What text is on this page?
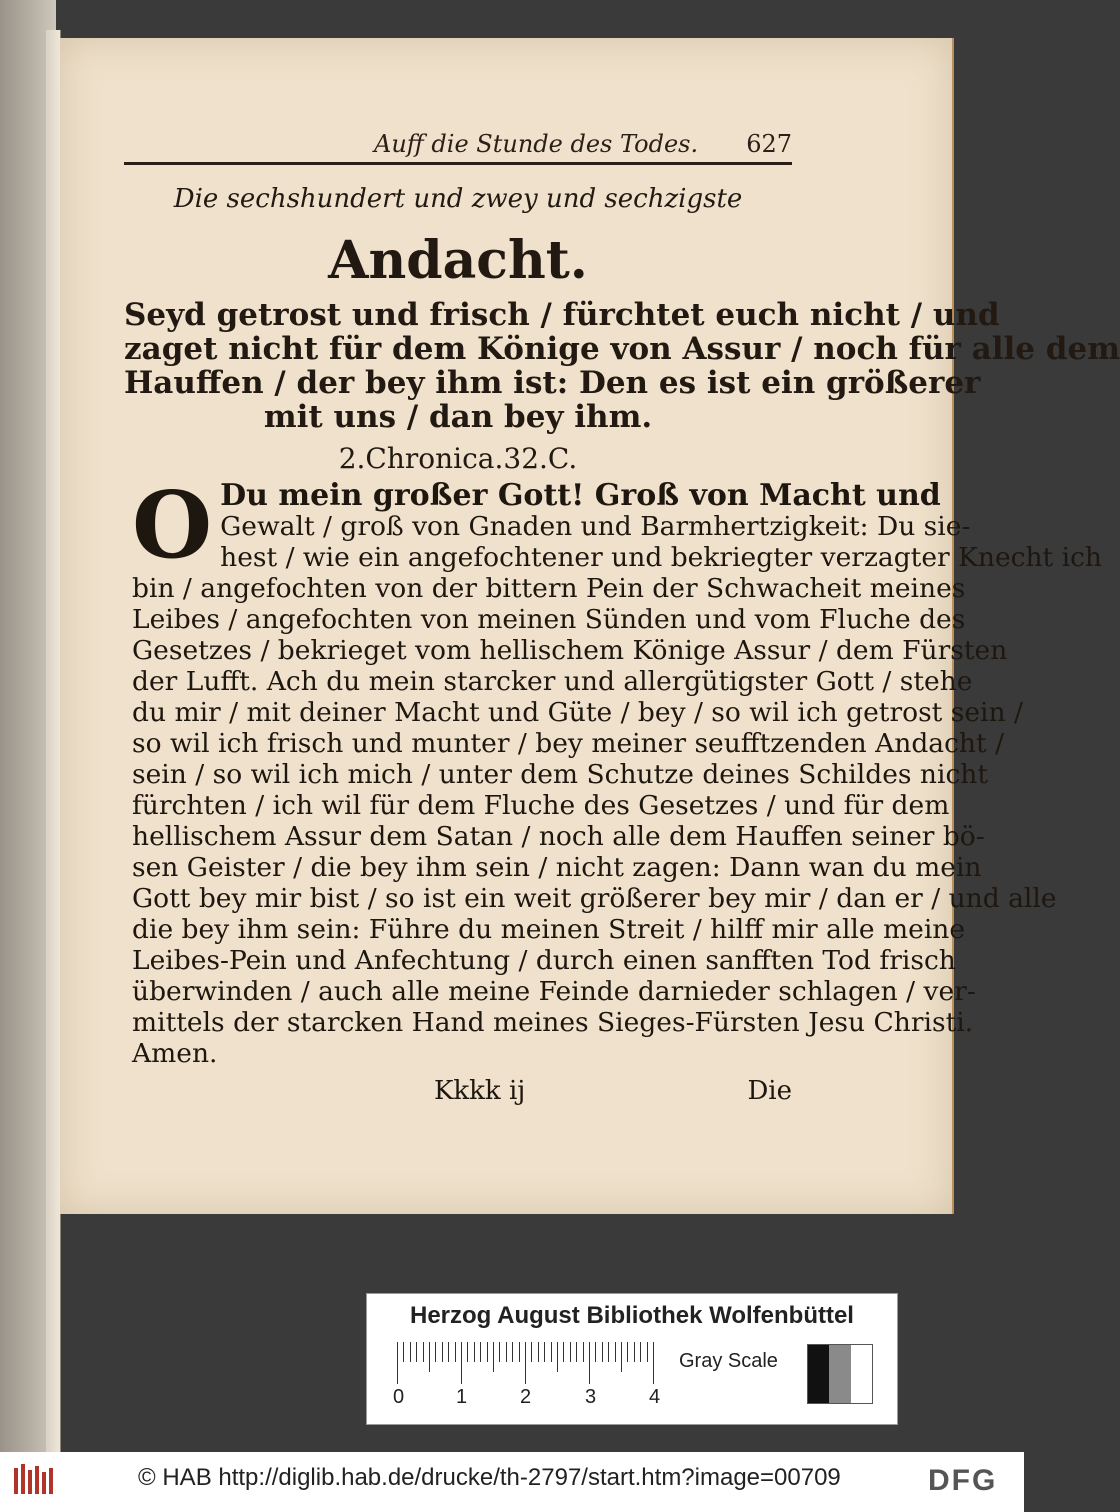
Auff die Stunde des Todes. 627
Die sechshundert und zwey und sechzigste
Andacht.
Seyd getrost und frisch / fürchtet euch nicht / und
zaget nicht für dem Könige von Assur / noch für alle dem
Hauffen / der bey ihm ist: Den es ist ein größerer
mit uns / dan bey ihm.
2.Chronica.32.C.
O Du mein großer Gott! Groß von Macht und
Gewalt / groß von Gnaden und Barmhertzigkeit: Du sie-
hest / wie ein angefochtener und bekriegter verzagter Knecht ich
bin / angefochten von der bittern Pein der Schwacheit meines
Leibes / angefochten von meinen Sünden und vom Fluche des
Gesetzes / bekrieget vom hellischem Könige Assur / dem Fürsten
der Lufft. Ach du mein starcker und allergütigster Gott / stehe
du mir / mit deiner Macht und Güte / bey / so wil ich getrost sein /
so wil ich frisch und munter / bey meiner seufftzenden Andacht /
sein / so wil ich mich / unter dem Schutze deines Schildes nicht
fürchten / ich wil für dem Fluche des Gesetzes / und für dem
hellischem Assur dem Satan / noch alle dem Hauffen seiner bö-
sen Geister / die bey ihm sein / nicht zagen: Dann wan du mein
Gott bey mir bist / so ist ein weit größerer bey mir / dan er / und alle
die bey ihm sein: Führe du meinen Streit / hilff mir alle meine
Leibes-Pein und Anfechtung / durch einen sanfften Tod frisch
überwinden / auch alle meine Feinde darnieder schlagen / ver-
mittels der starcken Hand meines Sieges-Fürsten Jesu Christi.
Amen.
Kkkk ij	Die
Herzog August Bibliothek Wolfenbüttel
0	1	2	3	4
Gray Scale
© HAB http://diglib.hab.de/drucke/th-2797/start.htm?image=00709	DFG
